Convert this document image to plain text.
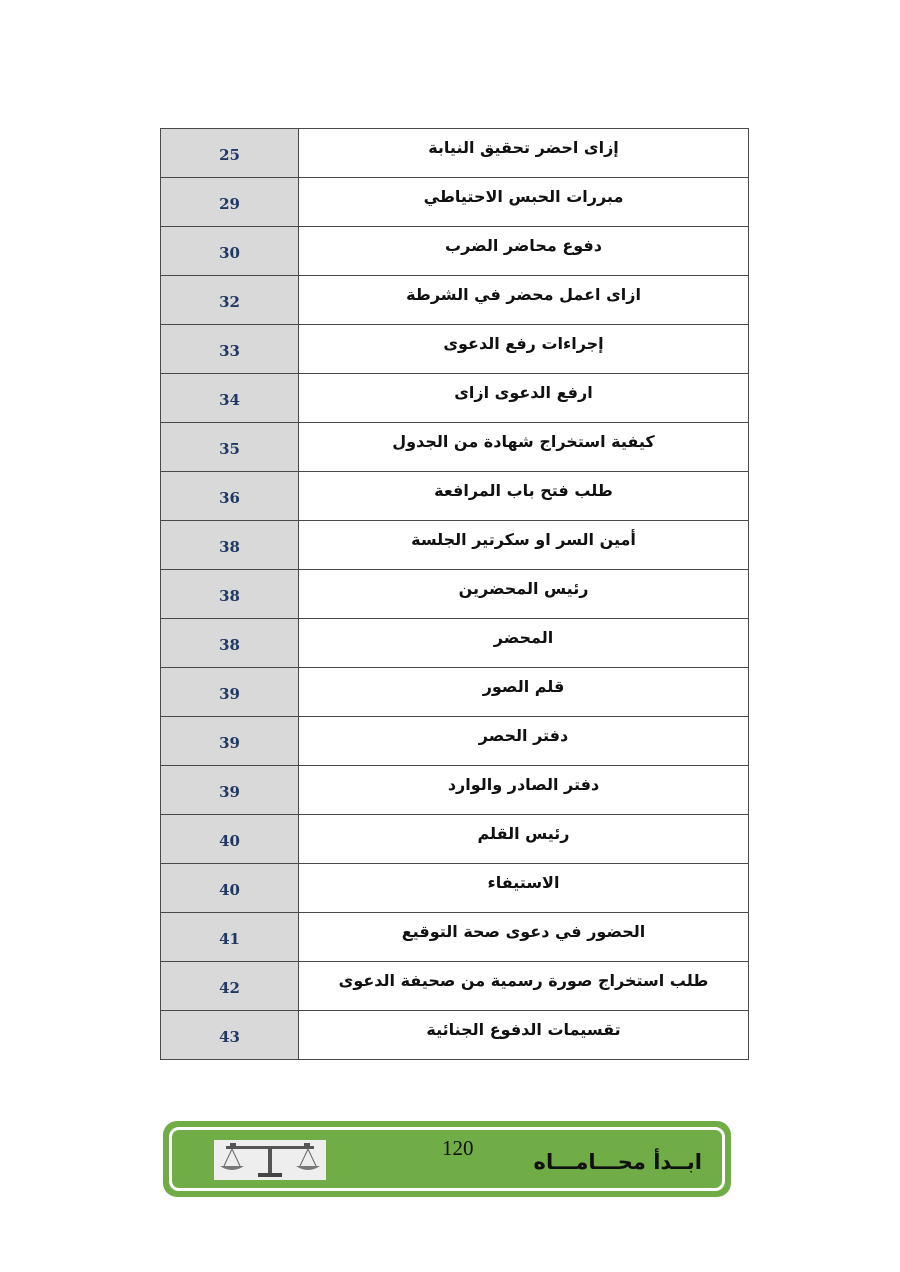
25	إزاى احضر تحقيق النيابة
29	مبررات الحبس الاحتياطي
30	دفوع محاضر الضرب
32	ازاى اعمل محضر في الشرطة
33	إجراءات رفع الدعوى
34	ارفع الدعوى ازاى
35	كيفية استخراج شهادة من الجدول
36	طلب فتح باب المرافعة
38	أمين السر او سكرتير الجلسة
38	رئيس المحضرين
38	المحضر
39	قلم الصور
39	دفتر الحصر
39	دفتر الصادر والوارد
40	رئيس القلم
40	الاستيفاء
41	الحضور في دعوى صحة التوقيع
42	طلب استخراج صورة رسمية من صحيفة الدعوى
43	تقسيمات الدفوع الجنائية
120
ابــدأ محـــامـــاه
